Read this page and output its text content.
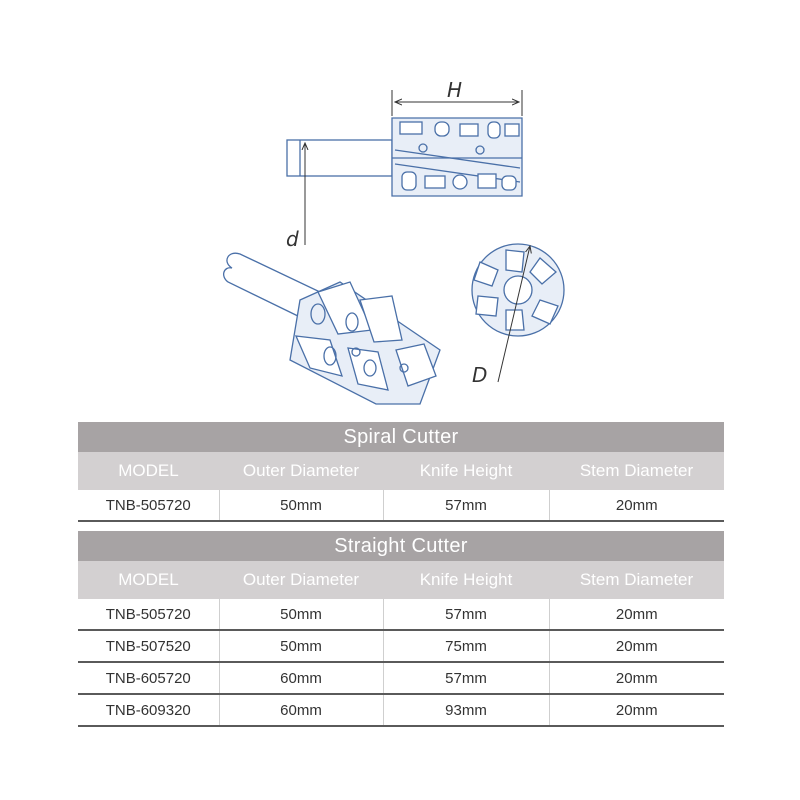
H
d
D
Spiral Cutter			
MODEL	Outer Diameter	Knife Height	Stem Diameter
TNB-505720	50mm	57mm	20mm
Straight Cutter			
MODEL	Outer Diameter	Knife Height	Stem Diameter
TNB-505720	50mm	57mm	20mm
TNB-507520	50mm	75mm	20mm
TNB-605720	60mm	57mm	20mm
TNB-609320	60mm	93mm	20mm
